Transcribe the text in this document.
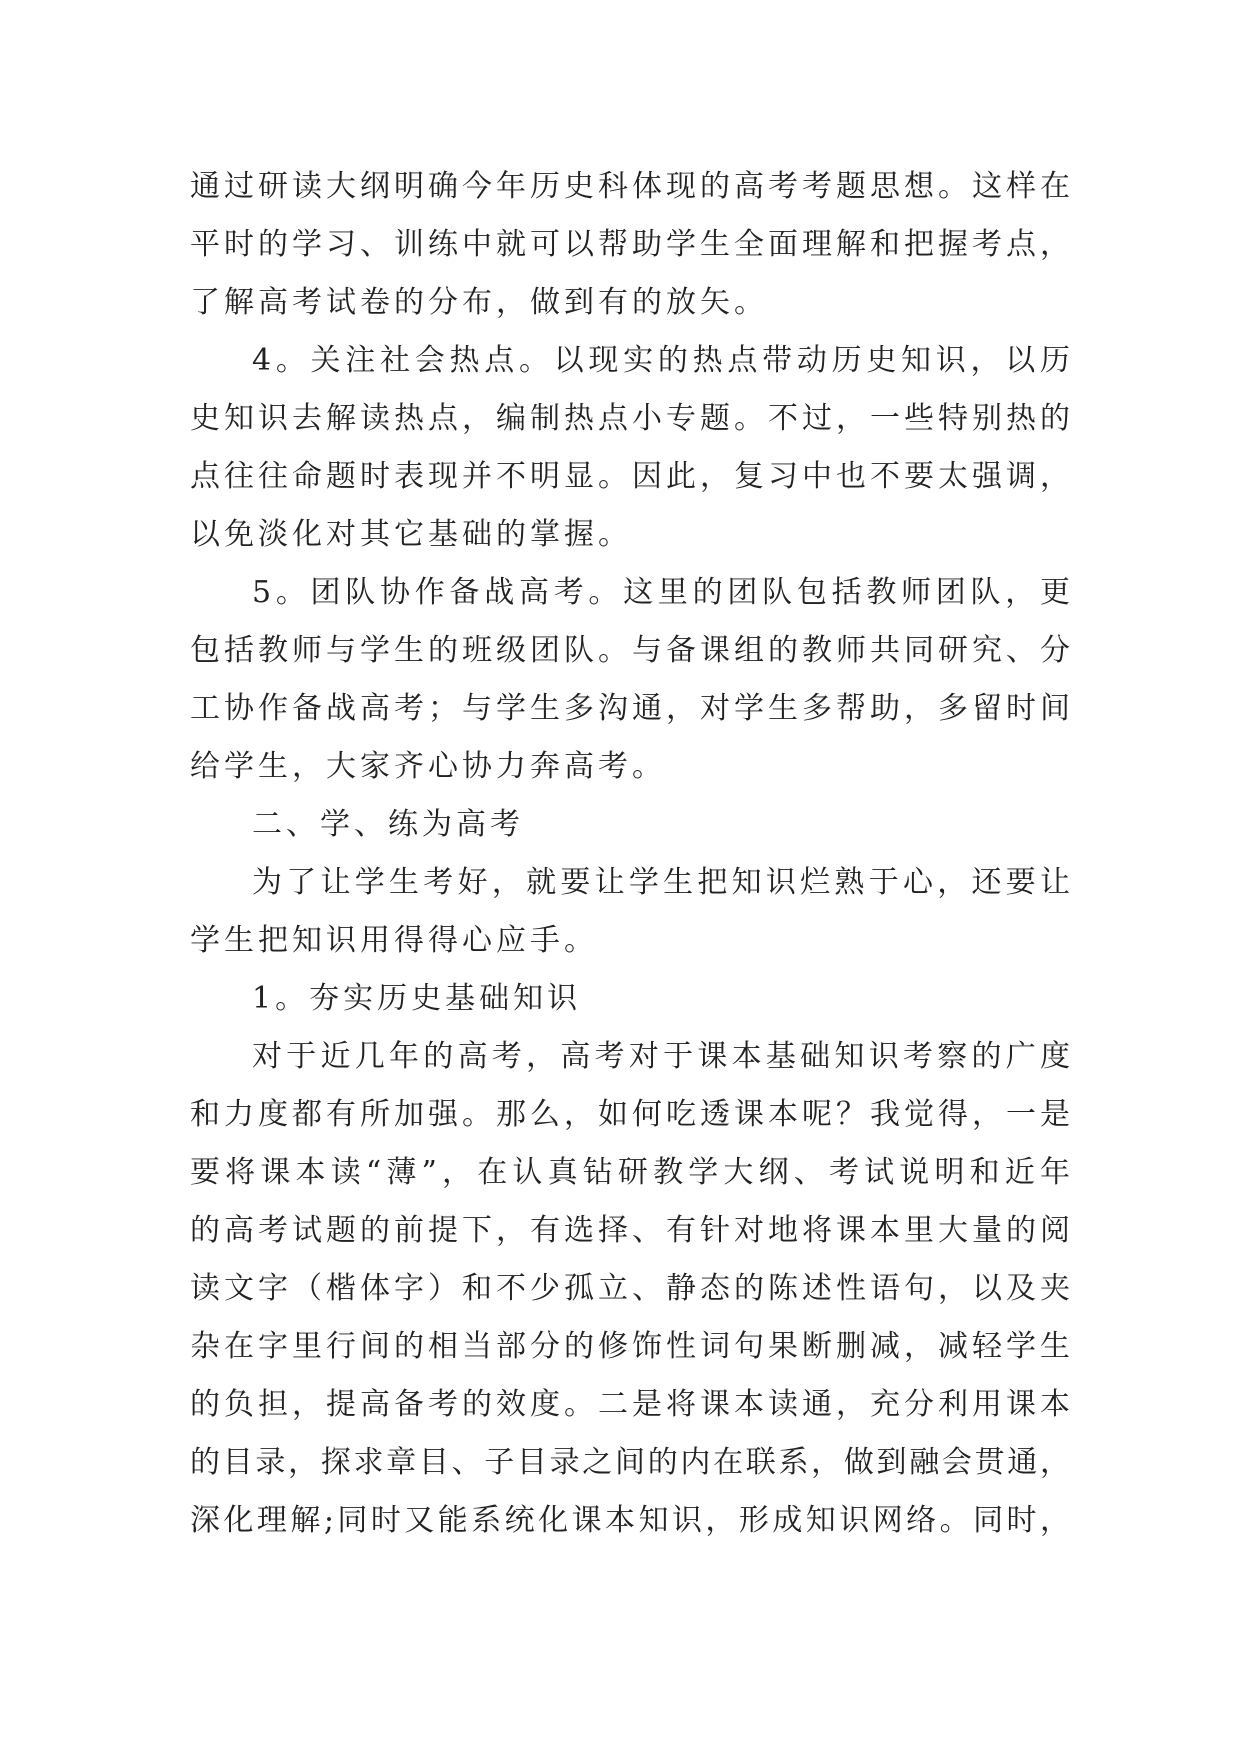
通过研读大纲明确今年历史科体现的高考考题思想。这样在
平时的学习、训练中就可以帮助学生全面理解和把握考点，
了解高考试卷的分布，做到有的放矢。
4。关注社会热点。以现实的热点带动历史知识，以历
史知识去解读热点，编制热点小专题。不过，一些特别热的
点往往命题时表现并不明显。因此，复习中也不要太强调，
以免淡化对其它基础的掌握。
5。团队协作备战高考。这里的团队包括教师团队，更
包括教师与学生的班级团队。与备课组的教师共同研究、分
工协作备战高考；与学生多沟通，对学生多帮助，多留时间
给学生，大家齐心协力奔高考。
二、学、练为高考
为了让学生考好，就要让学生把知识烂熟于心，还要让
学生把知识用得得心应手。
1。夯实历史基础知识
对于近几年的高考，高考对于课本基础知识考察的广度
和力度都有所加强。那么，如何吃透课本呢？我觉得，一是
要将课本读“薄”，在认真钻研教学大纲、考试说明和近年
的高考试题的前提下，有选择、有针对地将课本里大量的阅
读文字（楷体字）和不少孤立、静态的陈述性语句，以及夹
杂在字里行间的相当部分的修饰性词句果断删减，减轻学生
的负担，提高备考的效度。二是将课本读通，充分利用课本
的目录，探求章目、子目录之间的内在联系，做到融会贯通，
深化理解;同时又能系统化课本知识，形成知识网络。同时，
